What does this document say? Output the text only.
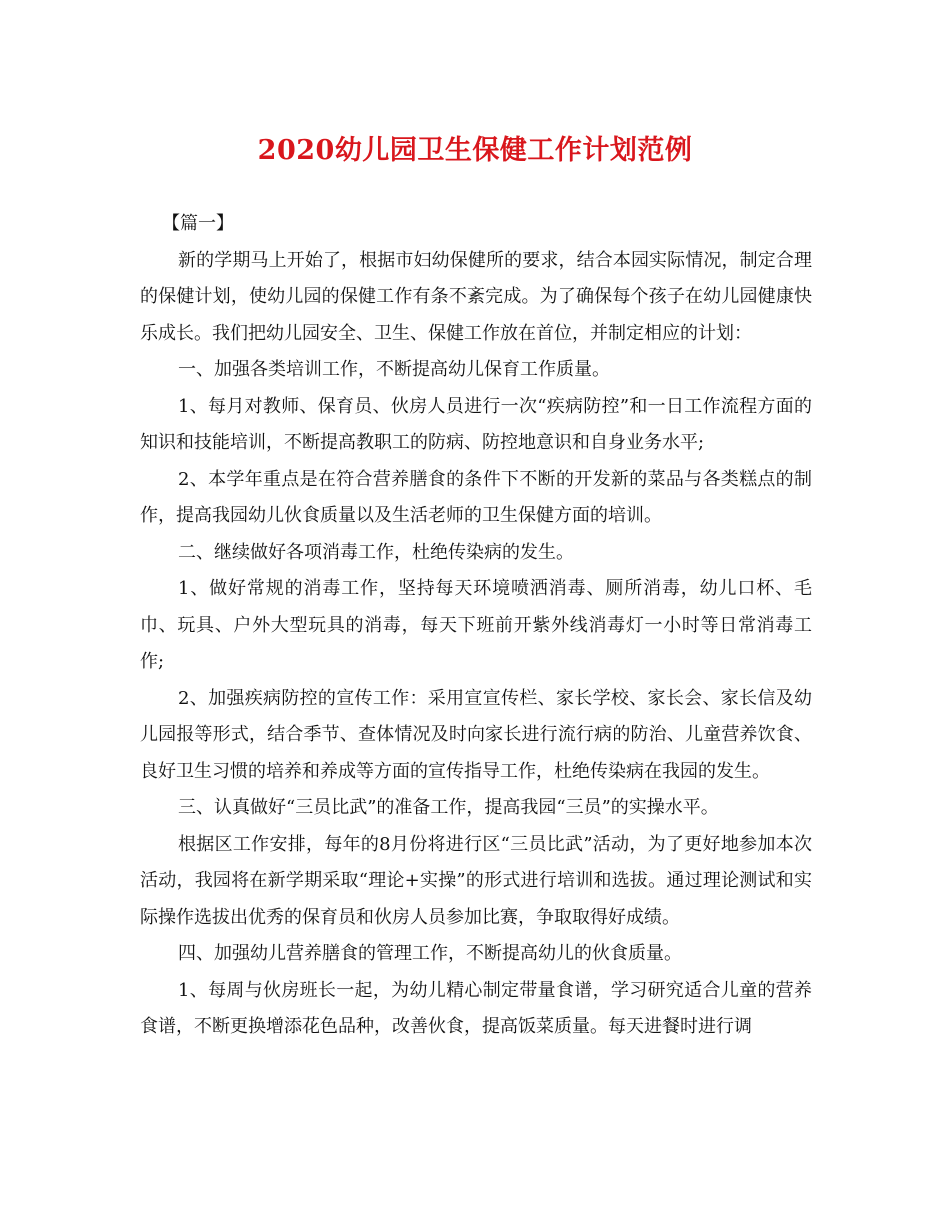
2020幼儿园卫生保健工作计划范例

【篇一】

新的学期马上开始了，根据市妇幼保健所的要求，结合本园实际情况，制定合理的保健计划，使幼儿园的保健工作有条不紊完成。为了确保每个孩子在幼儿园健康快乐成长。我们把幼儿园安全、卫生、保健工作放在首位，并制定相应的计划：

一、加强各类培训工作，不断提高幼儿保育工作质量。

1、每月对教师、保育员、伙房人员进行一次“疾病防控”和一日工作流程方面的知识和技能培训，不断提高教职工的防病、防控地意识和自身业务水平;

2、本学年重点是在符合营养膳食的条件下不断的开发新的菜品与各类糕点的制作，提高我园幼儿伙食质量以及生活老师的卫生保健方面的培训。

二、继续做好各项消毒工作，杜绝传染病的发生。

1、做好常规的消毒工作，坚持每天环境喷洒消毒、厕所消毒，幼儿口杯、毛巾、玩具、户外大型玩具的消毒，每天下班前开紫外线消毒灯一小时等日常消毒工作;

2、加强疾病防控的宣传工作：采用宣宣传栏、家长学校、家长会、家长信及幼儿园报等形式，结合季节、查体情况及时向家长进行流行病的防治、儿童营养饮食、良好卫生习惯的培养和养成等方面的宣传指导工作，杜绝传染病在我园的发生。

三、认真做好“三员比武”的准备工作，提高我园“三员”的实操水平。

根据区工作安排，每年的8月份将进行区“三员比武”活动，为了更好地参加本次活动，我园将在新学期采取“理论+实操”的形式进行培训和选拔。通过理论测试和实际操作选拔出优秀的保育员和伙房人员参加比赛，争取取得好成绩。

四、加强幼儿营养膳食的管理工作，不断提高幼儿的伙食质量。

1、每周与伙房班长一起，为幼儿精心制定带量食谱，学习研究适合儿童的营养食谱，不断更换增添花色品种，改善伙食，提高饭菜质量。每天进餐时进行调
